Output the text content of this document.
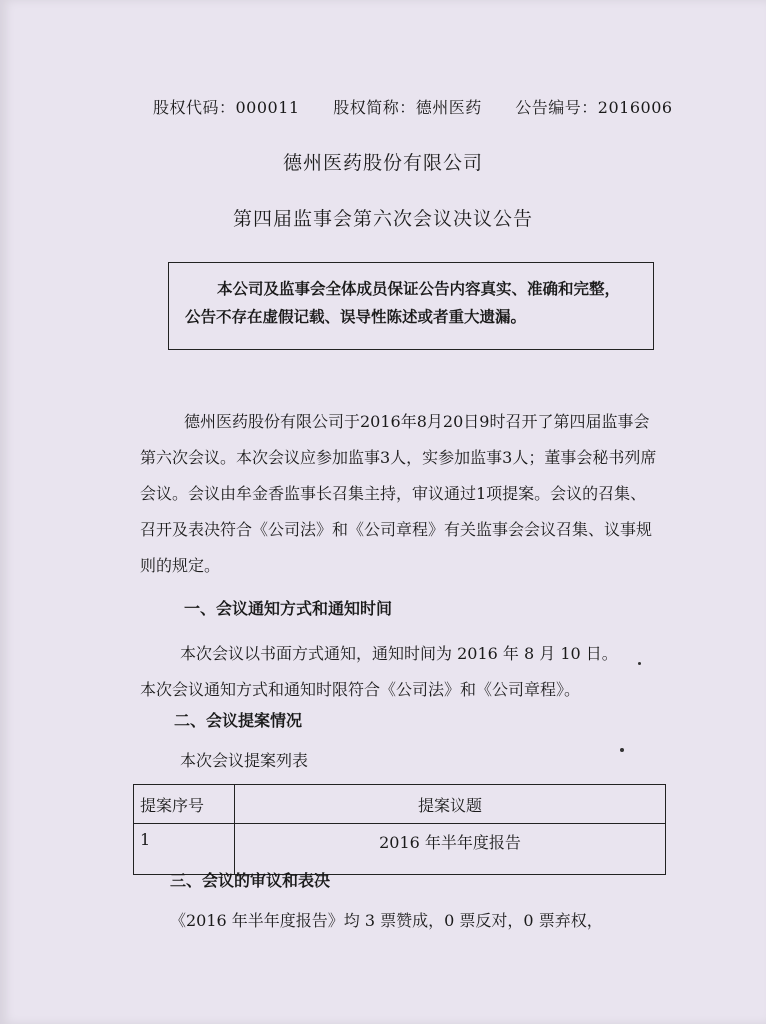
股权代码：000011 股权简称：德州医药 公告编号：2016006
德州医药股份有限公司
第四届监事会第六次会议决议公告
本公司及监事会全体成员保证公告内容真实、准确和完整，
公告不存在虚假记载、误导性陈述或者重大遗漏。
德州医药股份有限公司于2016年8月20日9时召开了第四届监事会第六次会议。本次会议应参加监事3人，实参加监事3人；董事会秘书列席会议。会议由牟金香监事长召集主持，审议通过1项提案。会议的召集、召开及表决符合《公司法》和《公司章程》有关监事会会议召集、议事规则的规定。
一、会议通知方式和通知时间
本次会议以书面方式通知，通知时间为 2016 年 8 月 10 日。
本次会议通知方式和通知时限符合《公司法》和《公司章程》。
二、会议提案情况
本次会议提案列表
提案序号	提案议题
1	2016 年半年度报告
三、会议的审议和表决
《2016 年半年度报告》均 3 票赞成，0 票反对，0 票弃权，
